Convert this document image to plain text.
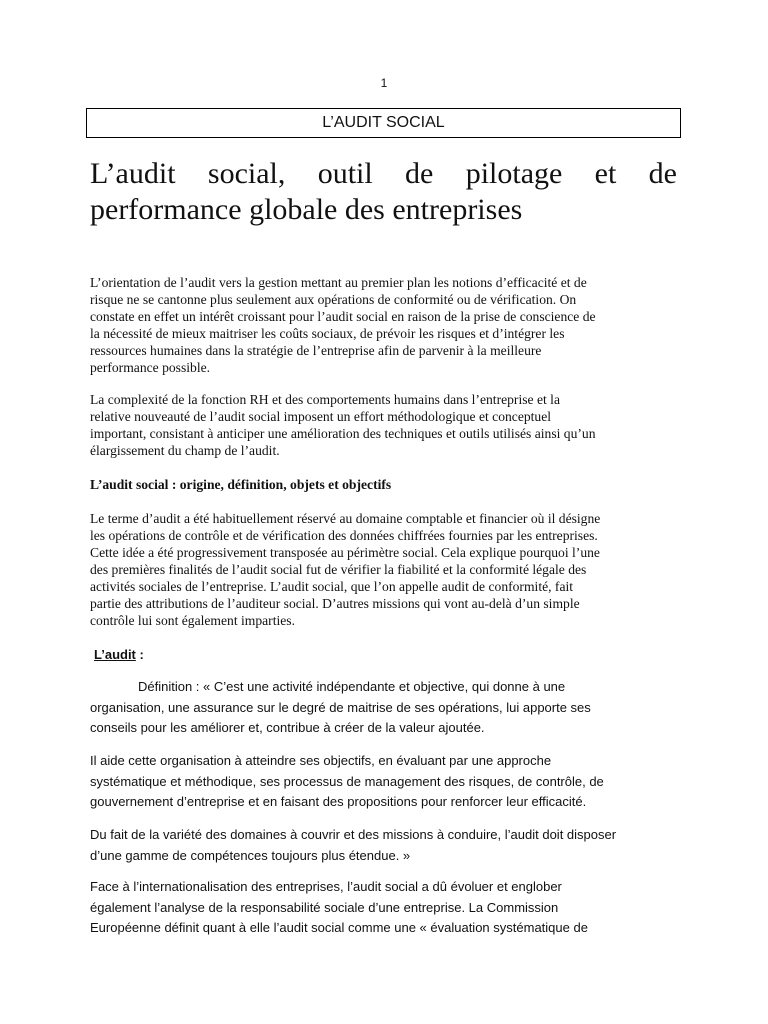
1
L’AUDIT SOCIAL
L’audit social, outil de pilotage et de
performance globale des entreprises

L’orientation de l’audit vers la gestion mettant au premier plan les notions d’efficacité et de
risque ne se cantonne plus seulement aux opérations de conformité ou de vérification. On
constate en effet un intérêt croissant pour l’audit social en raison de la prise de conscience de
la nécessité de mieux maitriser les coûts sociaux, de prévoir les risques et d’intégrer les
ressources humaines dans la stratégie de l’entreprise afin de parvenir à la meilleure
performance possible.

La complexité de la fonction RH et des comportements humains dans l’entreprise et la
relative nouveauté de l’audit social imposent un effort méthodologique et conceptuel
important, consistant à anticiper une amélioration des techniques et outils utilisés ainsi qu’un
élargissement du champ de l’audit.

L’audit social : origine, définition, objets et objectifs

Le terme d’audit a été habituellement réservé au domaine comptable et financier où il désigne
les opérations de contrôle et de vérification des données chiffrées fournies par les entreprises.
Cette idée a été progressivement transposée au périmètre social. Cela explique pourquoi l’une
des premières finalités de l’audit social fut de vérifier la fiabilité et la conformité légale des
activités sociales de l’entreprise. L’audit social, que l’on appelle audit de conformité, fait
partie des attributions de l’auditeur social. D’autres missions qui vont au-delà d’un simple
contrôle lui sont également imparties.

L’audit :

Définition : « C’est une activité indépendante et objective, qui donne à une
organisation, une assurance sur le degré de maitrise de ses opérations, lui apporte ses
conseils pour les améliorer et, contribue à créer de la valeur ajoutée.

Il aide cette organisation à atteindre ses objectifs, en évaluant par une approche
systématique et méthodique, ses processus de management des risques, de contrôle, de
gouvernement d’entreprise et en faisant des propositions pour renforcer leur efficacité.

Du fait de la variété des domaines à couvrir et des missions à conduire, l’audit doit disposer
d’une gamme de compétences toujours plus étendue. »

Face à l’internationalisation des entreprises, l’audit social a dû évoluer et englober
également l’analyse de la responsabilité sociale d’une entreprise. La Commission
Européenne définit quant à elle l’audit social comme une « évaluation systématique de
